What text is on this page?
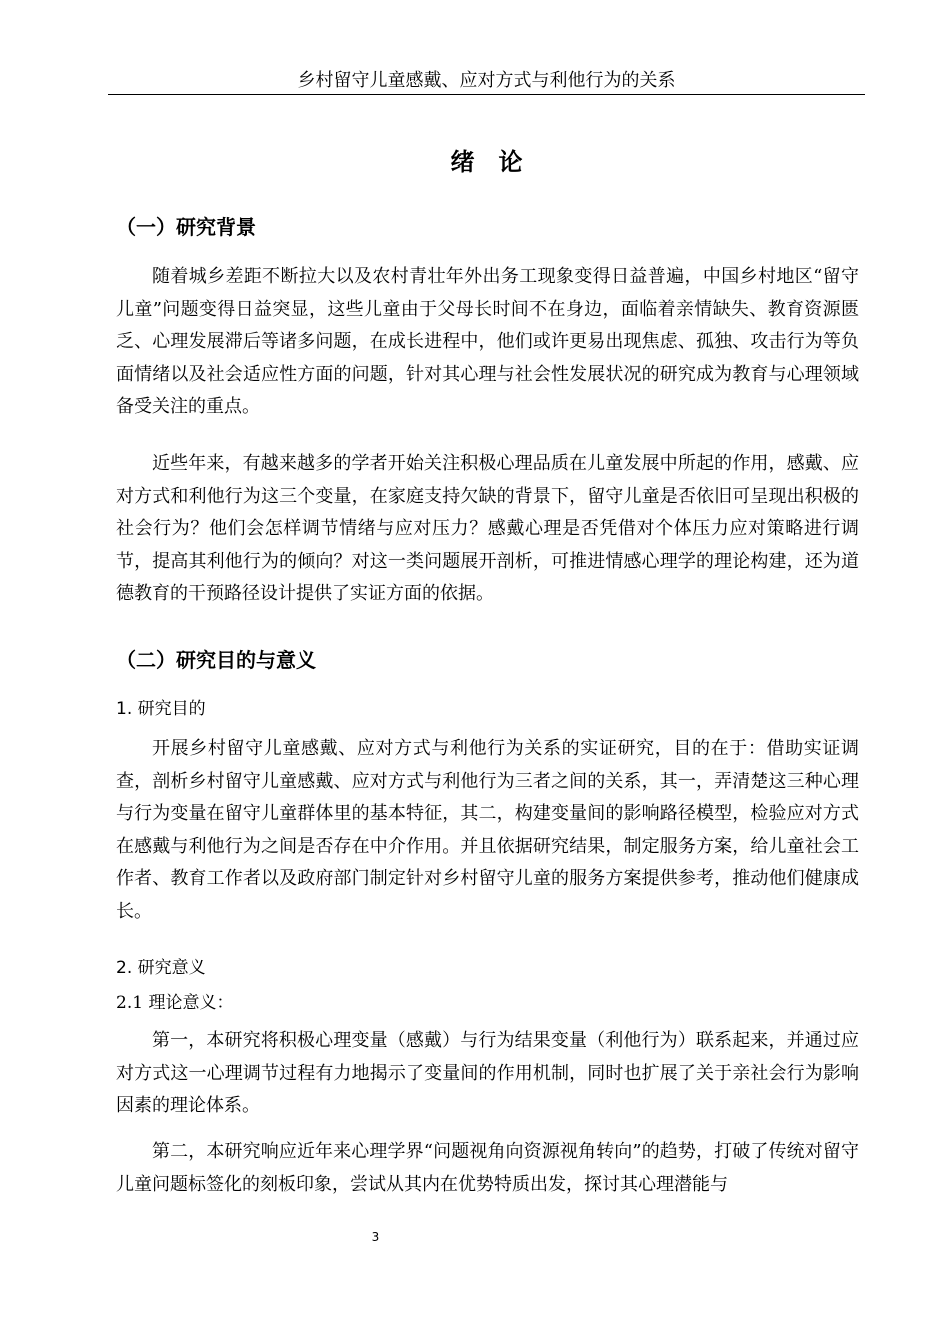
乡村留守儿童感戴、应对方式与利他行为的关系
绪论
（一）研究背景

随着城乡差距不断拉大以及农村青壮年外出务工现象变得日益普遍，中国乡村地区“留守儿童”问题变得日益突显，这些儿童由于父母长时间不在身边，面临着亲情缺失、教育资源匮乏、心理发展滞后等诸多问题，在成长进程中，他们或许更易出现焦虑、孤独、攻击行为等负面情绪以及社会适应性方面的问题，针对其心理与社会性发展状况的研究成为教育与心理领域备受关注的重点。

近些年来，有越来越多的学者开始关注积极心理品质在儿童发展中所起的作用，感戴、应对方式和利他行为这三个变量，在家庭支持欠缺的背景下，留守儿童是否依旧可呈现出积极的社会行为？他们会怎样调节情绪与应对压力？感戴心理是否凭借对个体压力应对策略进行调节，提高其利他行为的倾向？对这一类问题展开剖析，可推进情感心理学的理论构建，还为道德教育的干预路径设计提供了实证方面的依据。

（二）研究目的与意义
1. 研究目的

开展乡村留守儿童感戴、应对方式与利他行为关系的实证研究，目的在于：借助实证调查，剖析乡村留守儿童感戴、应对方式与利他行为三者之间的关系，其一，弄清楚这三种心理与行为变量在留守儿童群体里的基本特征，其二，构建变量间的影响路径模型，检验应对方式在感戴与利他行为之间是否存在中介作用。并且依据研究结果，制定服务方案，给儿童社会工作者、教育工作者以及政府部门制定针对乡村留守儿童的服务方案提供参考，推动他们健康成长。

2. 研究意义
2.1 理论意义：

第一，本研究将积极心理变量（感戴）与行为结果变量（利他行为）联系起来，并通过应对方式这一心理调节过程有力地揭示了变量间的作用机制，同时也扩展了关于亲社会行为影响因素的理论体系。

第二，本研究响应近年来心理学界“问题视角向资源视角转向”的趋势，打破了传统对留守儿童问题标签化的刻板印象，尝试从其内在优势特质出发，探讨其心理潜能与

3
